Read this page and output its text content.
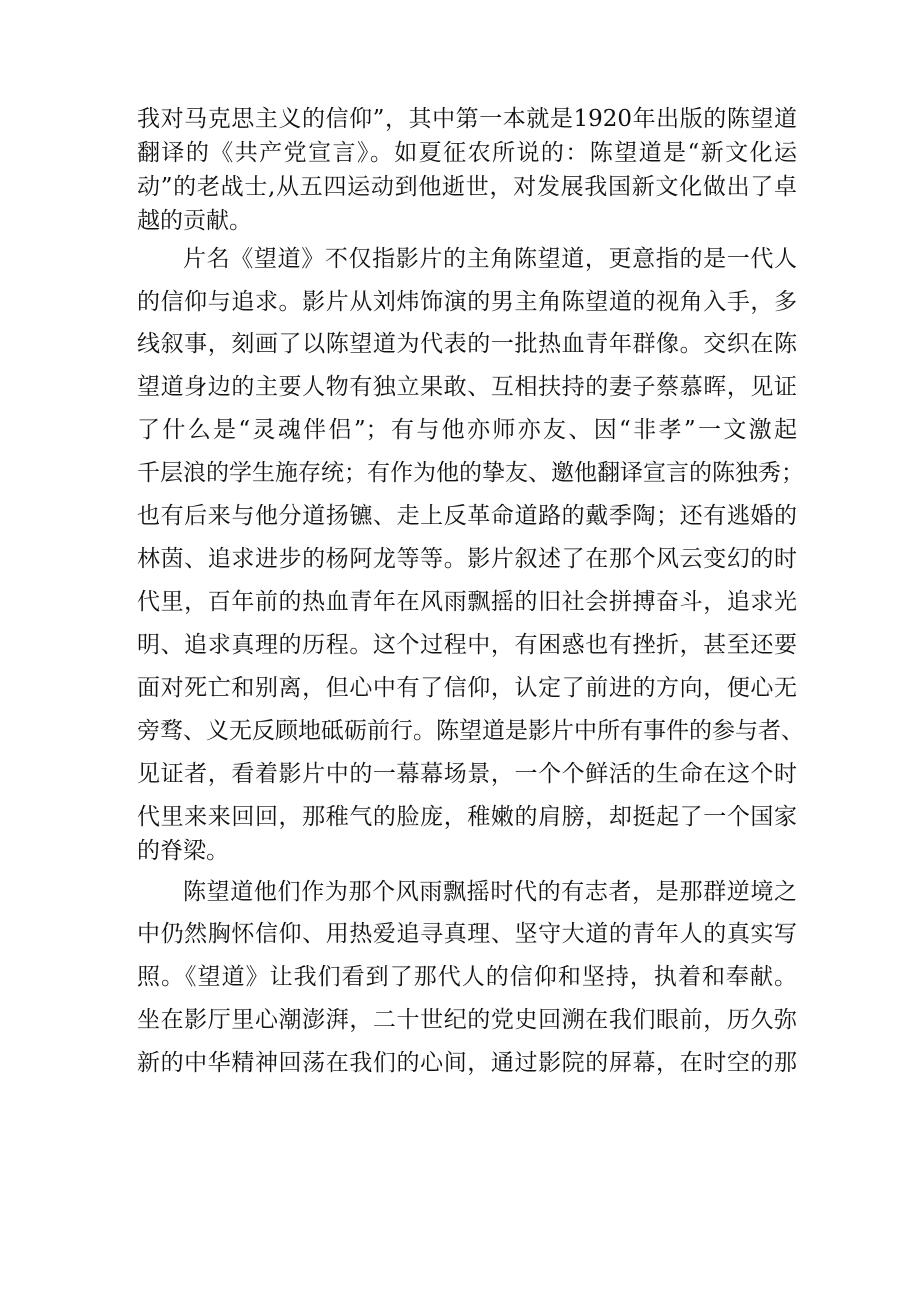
我对马克思主义的信仰”，其中第一本就是1920年出版的陈望道
翻译的《共产党宣言》。如夏征农所说的：陈望道是“新文化运
动”的老战士,从五四运动到他逝世，对发展我国新文化做出了卓
越的贡献。
片名《望道》不仅指影片的主角陈望道，更意指的是一代人
的信仰与追求。影片从刘炜饰演的男主角陈望道的视角入手，多
线叙事，刻画了以陈望道为代表的一批热血青年群像。交织在陈
望道身边的主要人物有独立果敢、互相扶持的妻子蔡慕晖，见证
了什么是“灵魂伴侣”；有与他亦师亦友、因“非孝”一文激起
千层浪的学生施存统；有作为他的挚友、邀他翻译宣言的陈独秀；
也有后来与他分道扬镳、走上反革命道路的戴季陶；还有逃婚的
林茵、追求进步的杨阿龙等等。影片叙述了在那个风云变幻的时
代里，百年前的热血青年在风雨飘摇的旧社会拼搏奋斗，追求光
明、追求真理的历程。这个过程中，有困惑也有挫折，甚至还要
面对死亡和别离，但心中有了信仰，认定了前进的方向，便心无
旁骛、义无反顾地砥砺前行。陈望道是影片中所有事件的参与者、
见证者，看着影片中的一幕幕场景，一个个鲜活的生命在这个时
代里来来回回，那稚气的脸庞，稚嫩的肩膀，却挺起了一个国家
的脊梁。
陈望道他们作为那个风雨飘摇时代的有志者，是那群逆境之
中仍然胸怀信仰、用热爱追寻真理、坚守大道的青年人的真实写
照。《望道》让我们看到了那代人的信仰和坚持，执着和奉献。
坐在影厅里心潮澎湃，二十世纪的党史回溯在我们眼前，历久弥
新的中华精神回荡在我们的心间，通过影院的屏幕，在时空的那
